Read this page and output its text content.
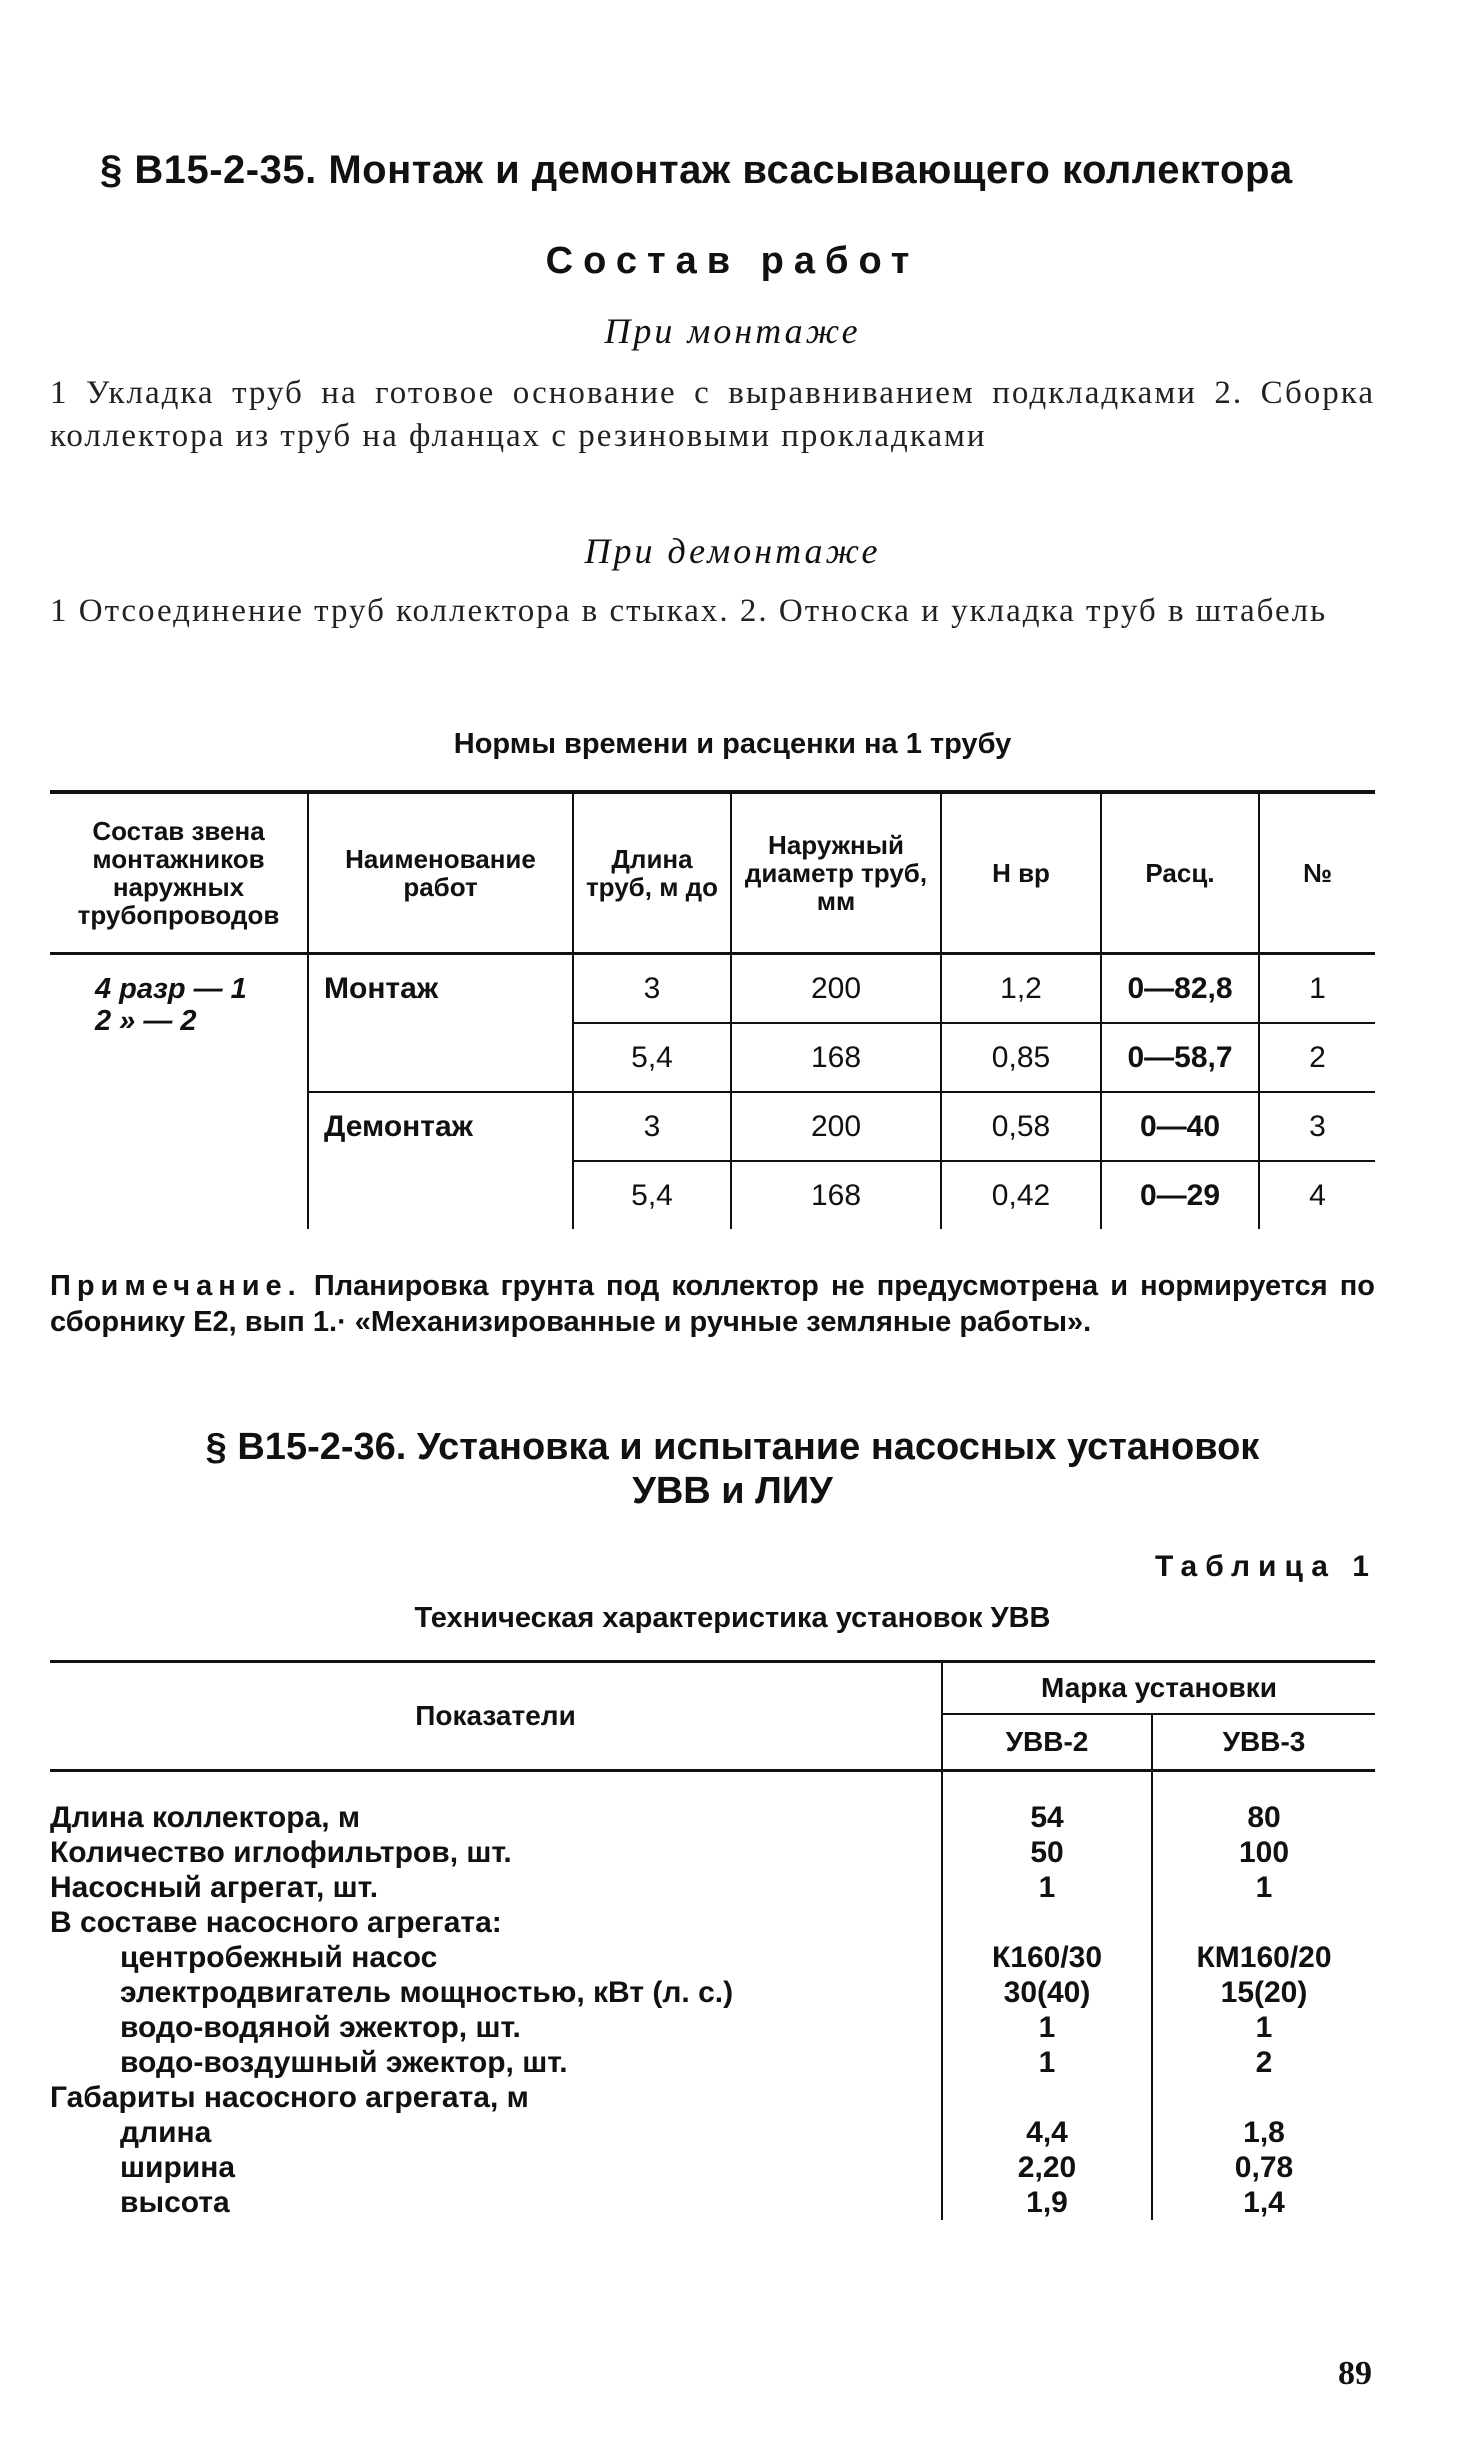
§ B15-2-35. Монтаж и демонтаж всасывающего коллектора
Состав работ
При монтаже
1 Укладка труб на готовое основание с выравниванием подкладками 2. Сборка коллектора из труб на фланцах с резиновыми прокладками
При демонтаже
1 Отсоединение труб коллектора в стыках. 2. Относка и укладка труб в штабель
Нормы времени и расценки на 1 трубу
Состав звена монтажников наружных трубопроводов	Наименование работ	Длина труб, м до	Наружный диаметр труб, мм	Н вр	Расц.	№

4 разр — 1
2 » — 2	Монтаж	3	200	1,2	0—82,8	1
		5,4	168	0,85	0—58,7	2
	Демонтаж	3	200	0,58	0—40	3
		5,4	168	0,42	0—29	4
Примечание. Планировка грунта под коллектор не предусмотрена и нормируется по сборнику Е2, вып 1.· «Механизированные и ручные земляные работы».
§ B15-2-36. Установка и испытание насосных установок
УВВ и ЛИУ
Таблица 1
Техническая характеристика установок УВВ
Показатели	Марка установки	
	УВВ-2	УВВ-3

Длина коллектора, м	54	80
Количество иглофильтров, шт.	50	100
Насосный агрегат, шт.	1	1
В составе насосного агрегата:		
центробежный насос	К160/30	КМ160/20
электродвигатель мощностью, кВт (л. с.)	30(40)	15(20)
водо-водяной эжектор, шт.	1	1
водо-воздушный эжектор, шт.	1	2
Габариты насосного агрегата, м		
длина	4,4	1,8
ширина	2,20	0,78
высота	1,9	1,4
89
